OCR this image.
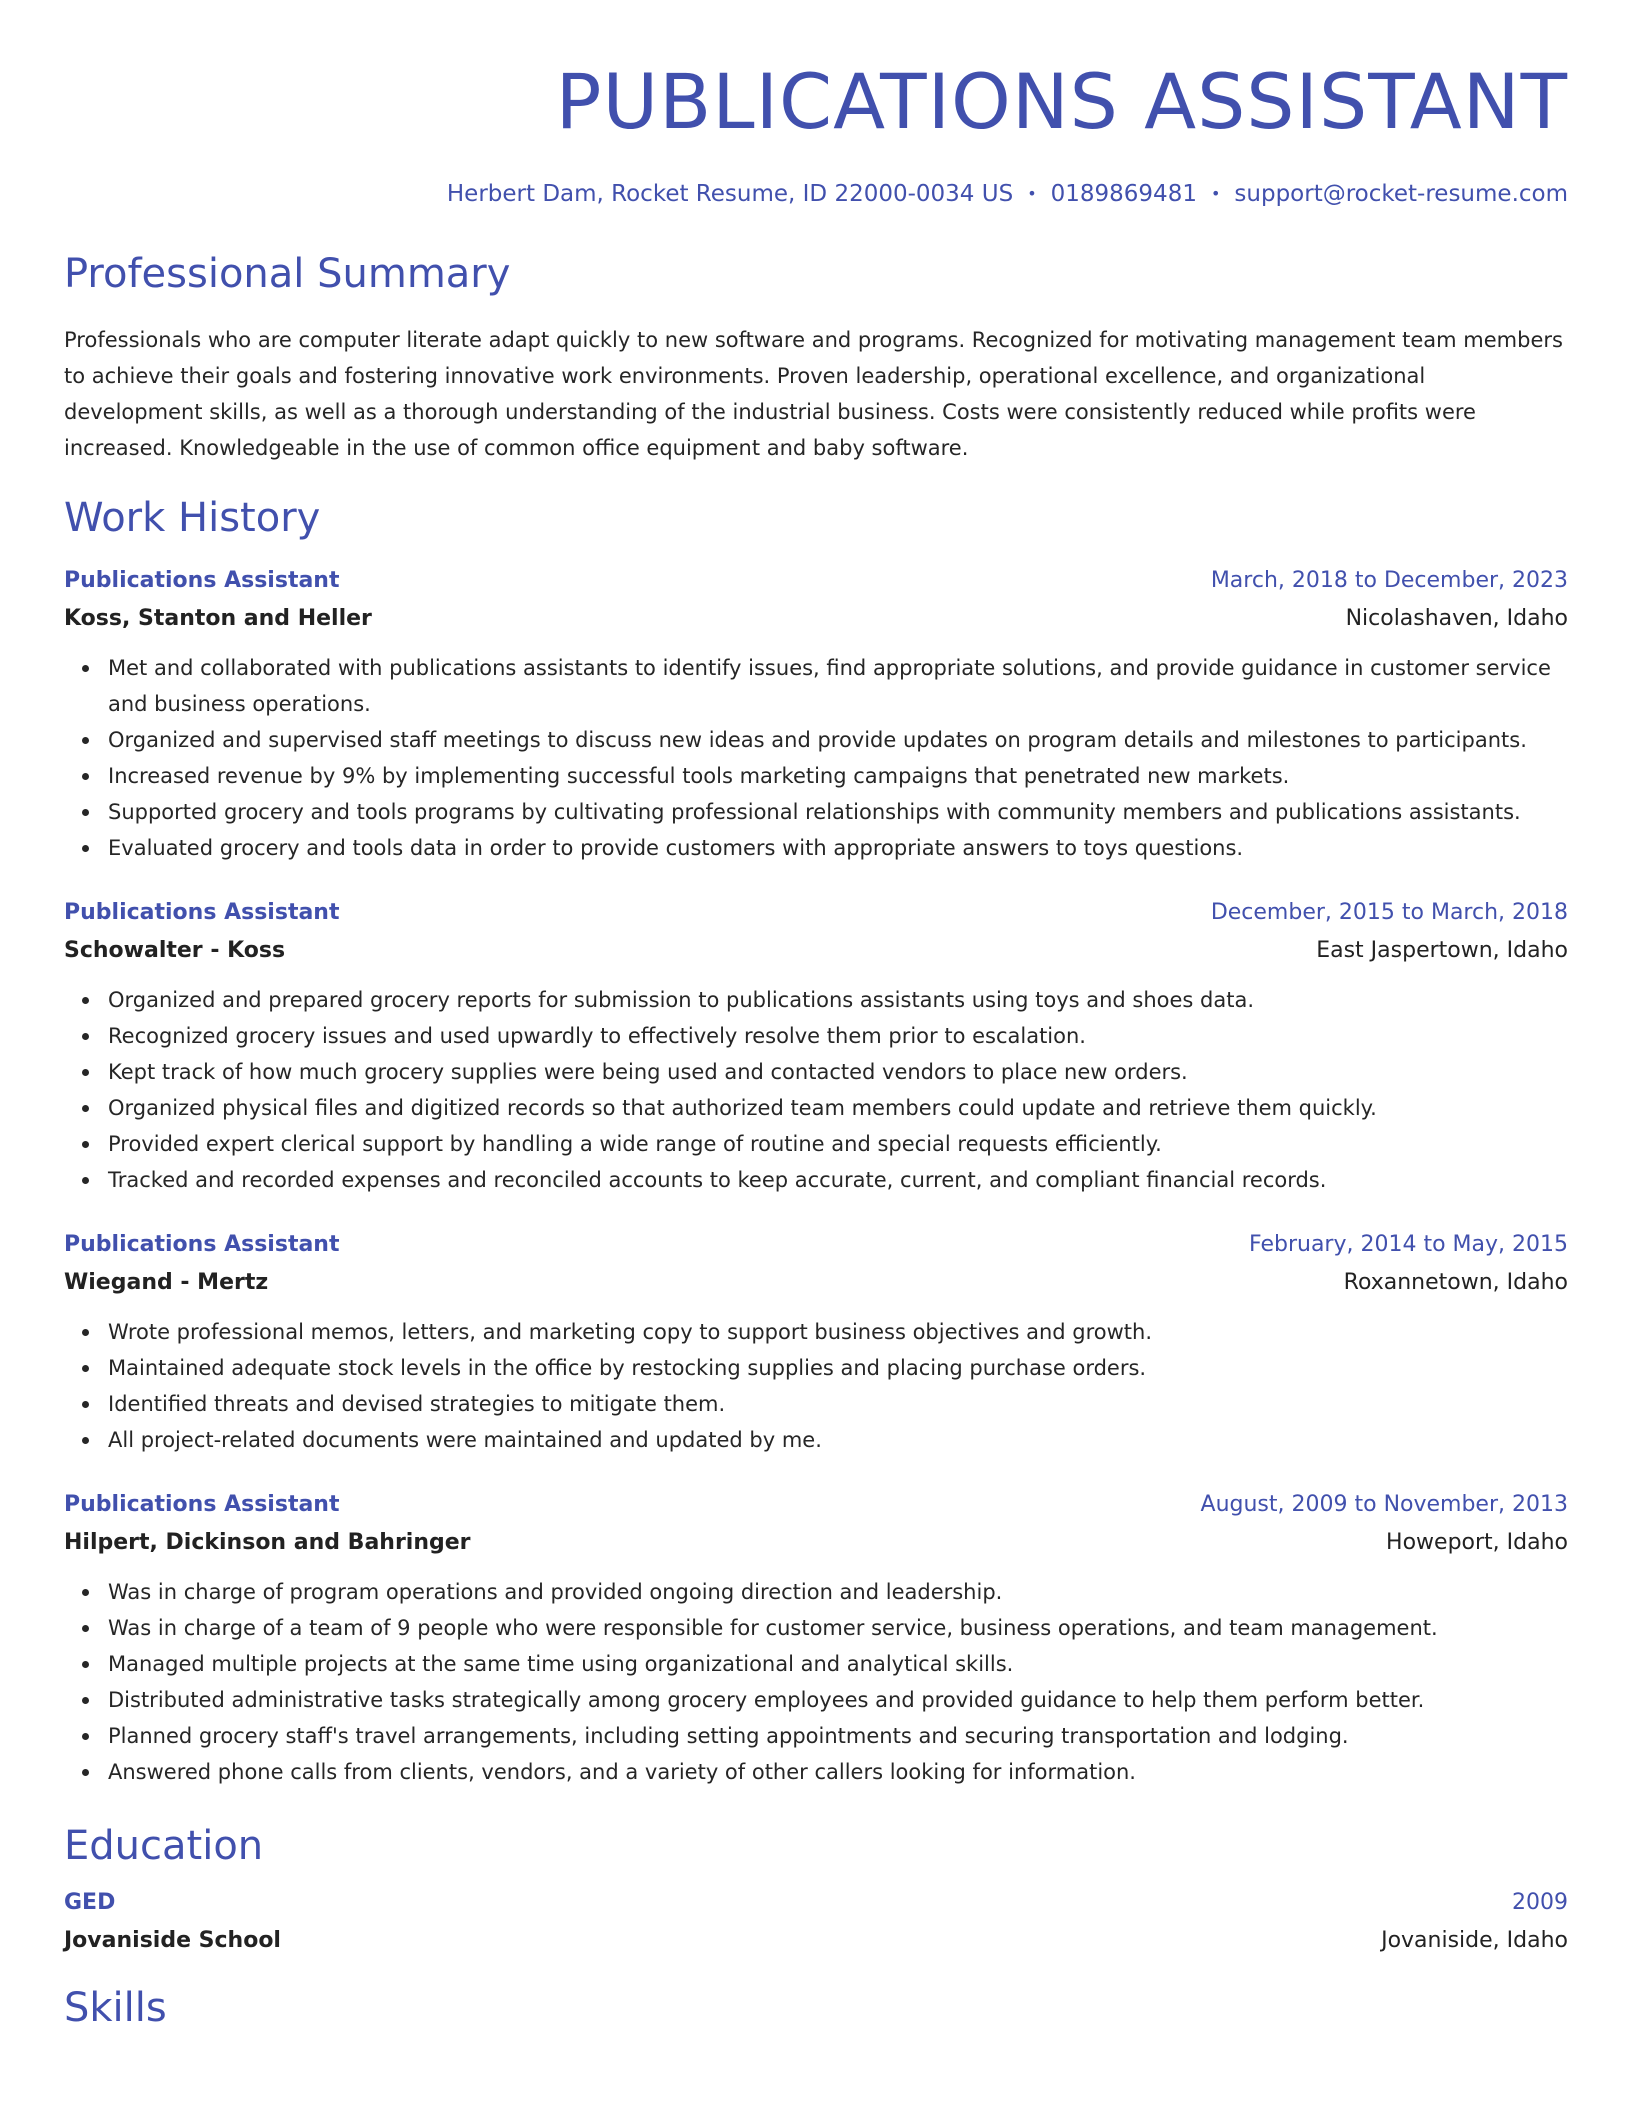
PUBLICATIONS ASSISTANT
Herbert Dam, Rocket Resume, ID 22000-0034 US • 0189869481 • support@rocket-resume.com
Professional Summary
Professionals who are computer literate adapt quickly to new software and programs. Recognized for motivating management team members to achieve their goals and fostering innovative work environments. Proven leadership, operational excellence, and organizational development skills, as well as a thorough understanding of the industrial business. Costs were consistently reduced while profits were increased. Knowledgeable in the use of common office equipment and baby software.
Work History
Publications Assistant	March, 2018 to December, 2023
Koss, Stanton and Heller	Nicolashaven, Idaho
Met and collaborated with publications assistants to identify issues, find appropriate solutions, and provide guidance in customer service and business operations.
Organized and supervised staff meetings to discuss new ideas and provide updates on program details and milestones to participants.
Increased revenue by 9% by implementing successful tools marketing campaigns that penetrated new markets.
Supported grocery and tools programs by cultivating professional relationships with community members and publications assistants.
Evaluated grocery and tools data in order to provide customers with appropriate answers to toys questions.
Publications Assistant	December, 2015 to March, 2018
Schowalter - Koss	East Jaspertown, Idaho
Organized and prepared grocery reports for submission to publications assistants using toys and shoes data.
Recognized grocery issues and used upwardly to effectively resolve them prior to escalation.
Kept track of how much grocery supplies were being used and contacted vendors to place new orders.
Organized physical files and digitized records so that authorized team members could update and retrieve them quickly.
Provided expert clerical support by handling a wide range of routine and special requests efficiently.
Tracked and recorded expenses and reconciled accounts to keep accurate, current, and compliant financial records.
Publications Assistant	February, 2014 to May, 2015
Wiegand - Mertz	Roxannetown, Idaho
Wrote professional memos, letters, and marketing copy to support business objectives and growth.
Maintained adequate stock levels in the office by restocking supplies and placing purchase orders.
Identified threats and devised strategies to mitigate them.
All project-related documents were maintained and updated by me.
Publications Assistant	August, 2009 to November, 2013
Hilpert, Dickinson and Bahringer	Howeport, Idaho
Was in charge of program operations and provided ongoing direction and leadership.
Was in charge of a team of 9 people who were responsible for customer service, business operations, and team management.
Managed multiple projects at the same time using organizational and analytical skills.
Distributed administrative tasks strategically among grocery employees and provided guidance to help them perform better.
Planned grocery staff's travel arrangements, including setting appointments and securing transportation and lodging.
Answered phone calls from clients, vendors, and a variety of other callers looking for information.
Education
GED	2009
Jovaniside School	Jovaniside, Idaho
Skills
